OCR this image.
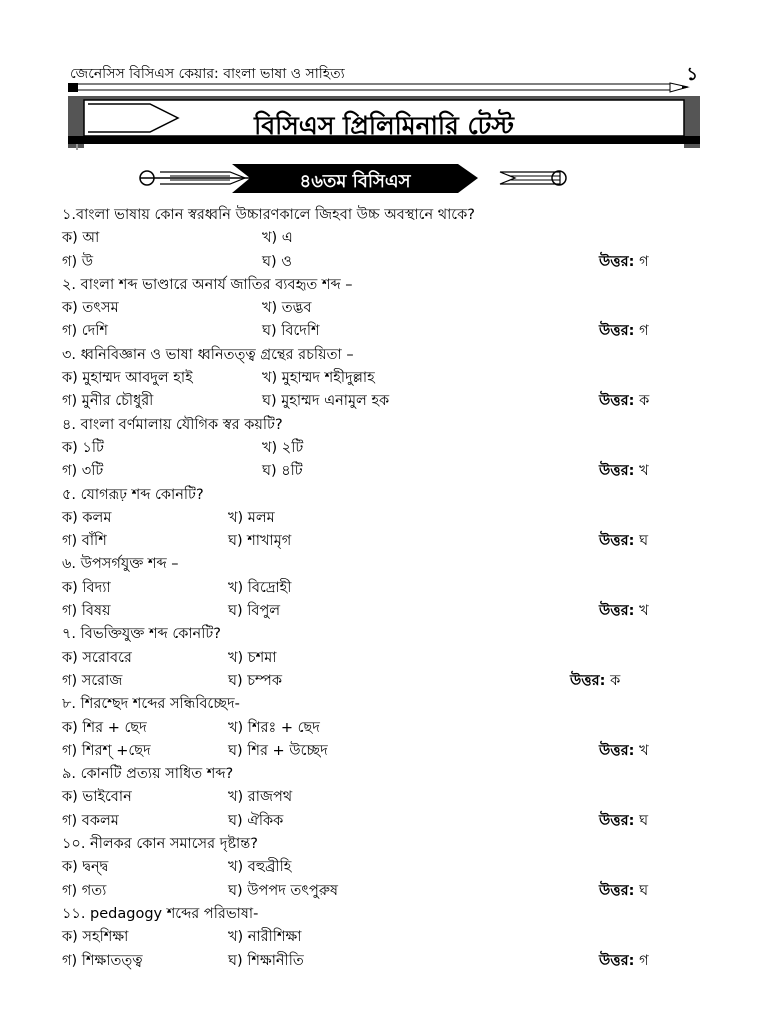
জেনেসিস বিসিএস কেয়ার: বাংলা ভাষা ও সাহিত্য	১
বিসিএস প্রিলিমিনারি টেস্ট
৪৬তম বিসিএস
১.বাংলা ভাষায় কোন স্বরধ্বনি উচ্চারণকালে জিহবা উচ্চ অবস্থানে থাকে?
ক) আ	খ) এ
গ) উ	ঘ) ও	উত্তর: গ
২. বাংলা শব্দ ভাণ্ডারে অনার্য জাতির ব্যবহৃত শব্দ –
ক) তৎসম	খ) তদ্ভব
গ) দেশি	ঘ) বিদেশি	উত্তর: গ
৩. ধ্বনিবিজ্ঞান ও ভাষা ধ্বনিতত্ত্ব গ্রন্থের রচয়িতা –
ক) মুহাম্মদ আবদুল হাই	খ) মুহাম্মদ শহীদুল্লাহ
গ) মুনীর চৌধুরী	ঘ) মুহাম্মদ এনামুল হক	উত্তর: ক
৪. বাংলা বর্ণমালায় যৌগিক স্বর কয়টি?
ক) ১টি	খ) ২টি
গ) ৩টি	ঘ) ৪টি	উত্তর: খ
৫. যোগরূঢ় শব্দ কোনটি?
ক) কলম	খ) মলম
গ) বাঁশি	ঘ) শাখামৃগ	উত্তর: ঘ
৬. উপসর্গযুক্ত শব্দ –
ক) বিদ্যা	খ) বিদ্রোহী
গ) বিষয়	ঘ) বিপুল	উত্তর: খ
৭. বিভক্তিযুক্ত শব্দ কোনটি?
ক) সরোবরে	খ) চশমা
গ) সরোজ	ঘ) চম্পক	উত্তর: ক
৮. শিরশ্ছেদ শব্দের সন্ধিবিচ্ছেদ-
ক) শির + ছেদ	খ) শিরঃ + ছেদ
গ) শিরশ্ +ছেদ	ঘ) শির + উচ্ছেদ	উত্তর: খ
৯. কোনটি প্রত্যয় সাধিত শব্দ?
ক) ভাইবোন	খ) রাজপথ
গ) বকলম	ঘ) ঐকিক	উত্তর: ঘ
১০. নীলকর কোন সমাসের দৃষ্টান্ত?
ক) দ্বন্দ্ব	খ) বহুব্রীহি
গ) গত্য	ঘ) উপপদ তৎপুরুষ	উত্তর: ঘ
১১. pedagogy শব্দের পরিভাষা-
ক) সহশিক্ষা	খ) নারীশিক্ষা
গ) শিক্ষাতত্ত্ব	ঘ) শিক্ষানীতি	উত্তর: গ
